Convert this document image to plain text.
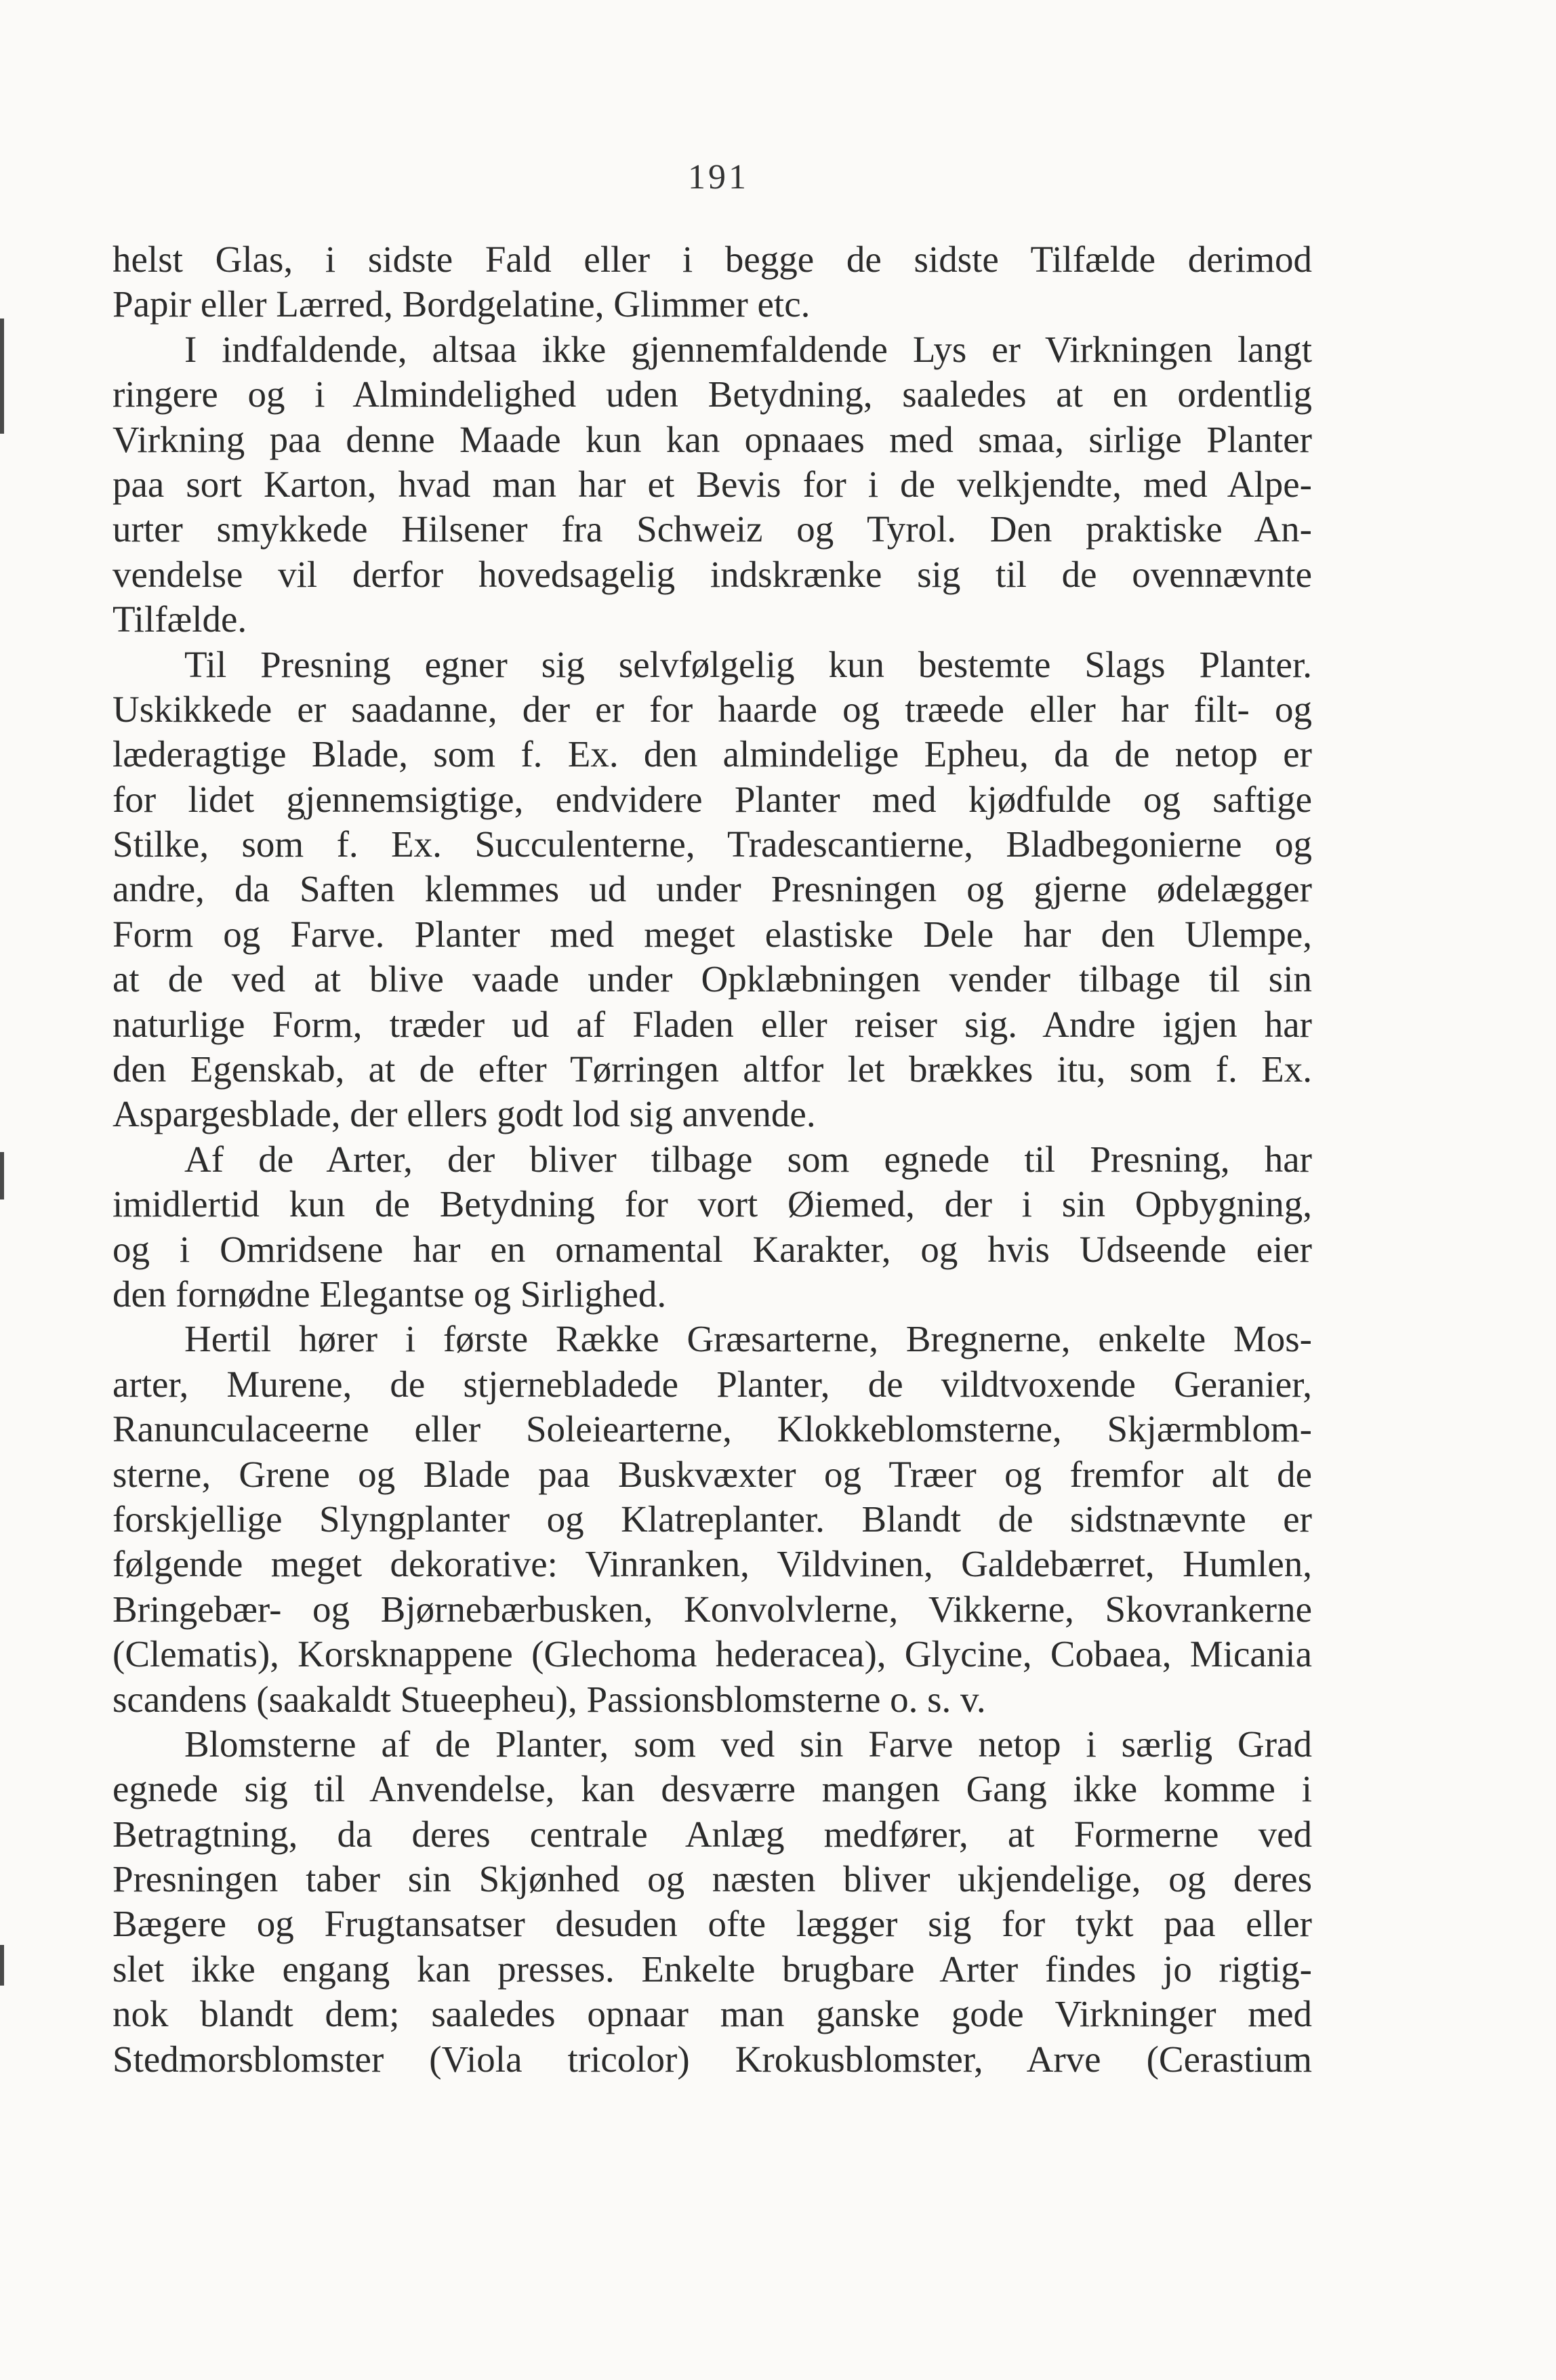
191
helst Glas, i sidste Fald eller i begge de sidste Tilfælde derimod
Papir eller Lærred, Bordgelatine, Glimmer etc.
I indfaldende, altsaa ikke gjennemfaldende Lys er Virkningen langt
ringere og i Almindelighed uden Betydning, saaledes at en ordentlig
Virkning paa denne Maade kun kan opnaaes med smaa, sirlige Planter
paa sort Karton, hvad man har et Bevis for i de velkjendte, med Alpe-
urter smykkede Hilsener fra Schweiz og Tyrol. Den praktiske An-
vendelse vil derfor hovedsagelig indskrænke sig til de ovennævnte
Tilfælde.
Til Presning egner sig selvfølgelig kun bestemte Slags Planter.
Uskikkede er saadanne, der er for haarde og træede eller har filt- og
læderagtige Blade, som f. Ex. den almindelige Epheu, da de netop er
for lidet gjennemsigtige, endvidere Planter med kjødfulde og saftige
Stilke, som f. Ex. Succulenterne, Tradescantierne, Bladbegonierne og
andre, da Saften klemmes ud under Presningen og gjerne ødelægger
Form og Farve. Planter med meget elastiske Dele har den Ulempe,
at de ved at blive vaade under Opklæbningen vender tilbage til sin
naturlige Form, træder ud af Fladen eller reiser sig. Andre igjen har
den Egenskab, at de efter Tørringen altfor let brækkes itu, som f. Ex.
Aspargesblade, der ellers godt lod sig anvende.
Af de Arter, der bliver tilbage som egnede til Presning, har
imidlertid kun de Betydning for vort Øiemed, der i sin Opbygning,
og i Omridsene har en ornamental Karakter, og hvis Udseende eier
den fornødne Elegantse og Sirlighed.
Hertil hører i første Række Græsarterne, Bregnerne, enkelte Mos-
arter, Murene, de stjernebladede Planter, de vildtvoxende Geranier,
Ranunculaceerne eller Soleiearterne, Klokkeblomsterne, Skjærmblom-
sterne, Grene og Blade paa Buskvæxter og Træer og fremfor alt de
forskjellige Slyngplanter og Klatreplanter. Blandt de sidstnævnte er
følgende meget dekorative: Vinranken, Vildvinen, Galdebærret, Humlen,
Bringebær- og Bjørnebærbusken, Konvolvlerne, Vikkerne, Skovrankerne
(Clematis), Korsknappene (Glechoma hederacea), Glycine, Cobaea, Micania
scandens (saakaldt Stueepheu), Passionsblomsterne o. s. v.
Blomsterne af de Planter, som ved sin Farve netop i særlig Grad
egnede sig til Anvendelse, kan desværre mangen Gang ikke komme i
Betragtning, da deres centrale Anlæg medfører, at Formerne ved
Presningen taber sin Skjønhed og næsten bliver ukjendelige, og deres
Bægere og Frugtansatser desuden ofte lægger sig for tykt paa eller
slet ikke engang kan presses. Enkelte brugbare Arter findes jo rigtig-
nok blandt dem; saaledes opnaar man ganske gode Virkninger med
Stedmorsblomster (Viola tricolor) Krokusblomster, Arve (Cerastium
